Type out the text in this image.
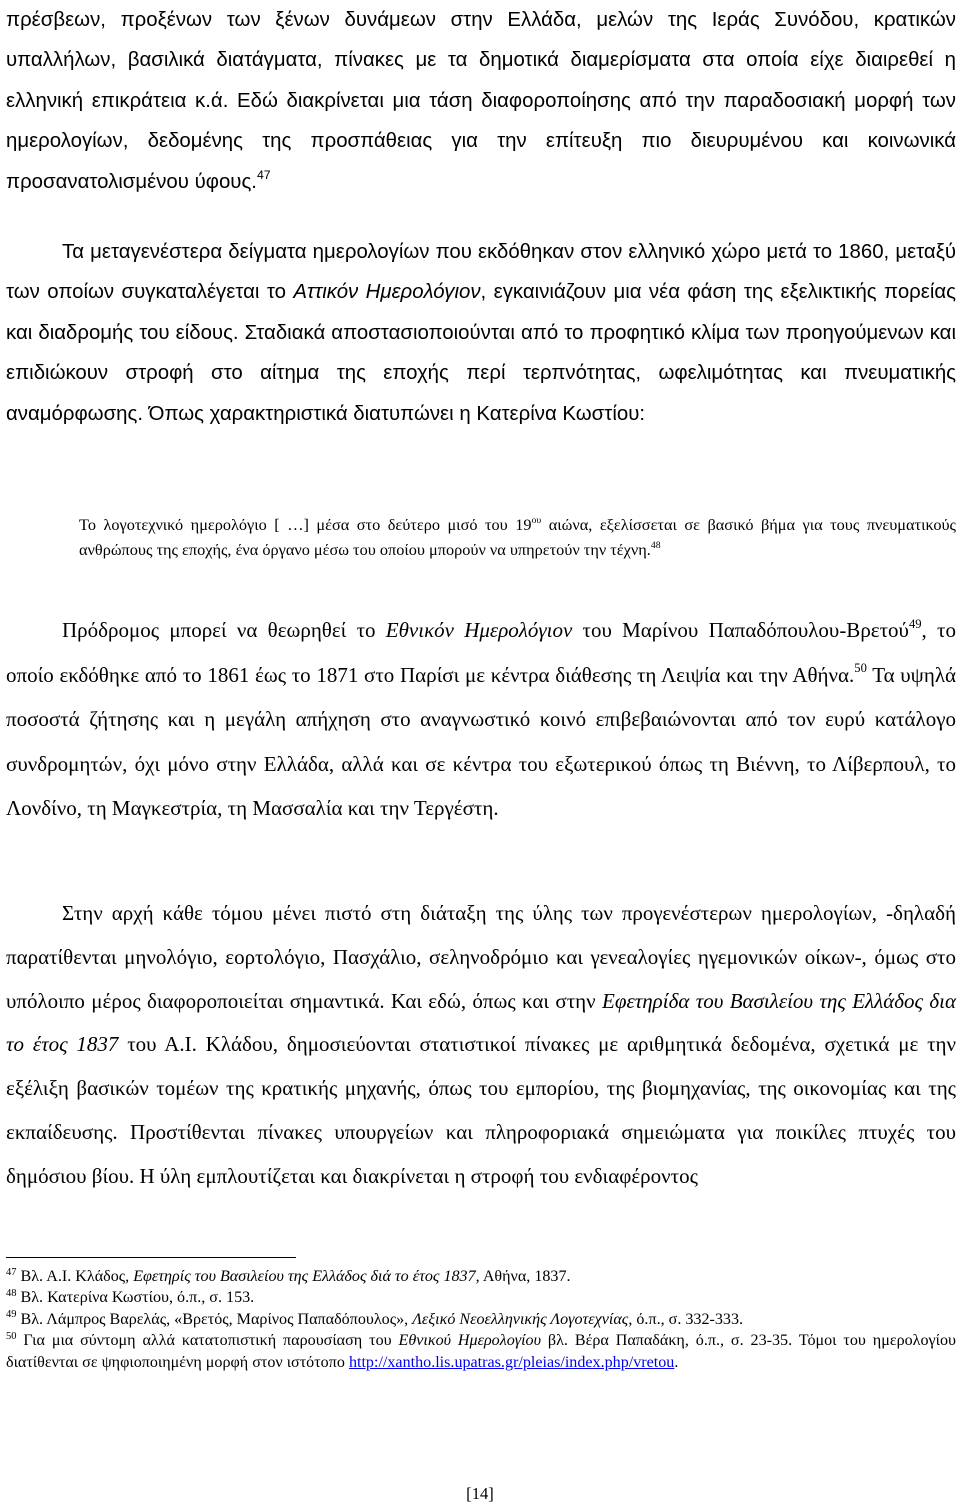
πρέσβεων, προξένων των ξένων δυνάμεων στην Ελλάδα, μελών της Ιεράς Συνόδου, κρατικών υπαλλήλων, βασιλικά διατάγματα, πίνακες με τα δημοτικά διαμερίσματα στα οποία είχε διαιρεθεί η ελληνική επικράτεια κ.ά. Εδώ διακρίνεται μια τάση διαφοροποίησης από την παραδοσιακή μορφή των ημερολογίων, δεδομένης της προσπάθειας για την επίτευξη πιο διευρυμένου και κοινωνικά προσανατολισμένου ύφους.$^{47}$

Τα μεταγενέστερα δείγματα ημερολογίων που εκδόθηκαν στον ελληνικό χώρο μετά το 1860, μεταξύ των οποίων συγκαταλέγεται το Αττικόν Ημερολόγιον, εγκαινιάζουν μια νέα φάση της εξελικτικής πορείας και διαδρομής του είδους. Σταδιακά αποστασιοποιούνται από το προφητικό κλίμα των προηγούμενων και επιδιώκουν στροφή στο αίτημα της εποχής περί τερπνότητας, ωφελιμότητας και πνευματικής αναμόρφωσης. Όπως χαρακτηριστικά διατυπώνει η Κατερίνα Κωστίου:

Το λογοτεχνικό ημερολόγιο [ …] μέσα στο δεύτερο μισό του $19^{o\upsilon}$ αιώνα, εξελίσσεται σε βασικό βήμα για τους πνευματικούς ανθρώπους της εποχής, ένα όργανο μέσω του οποίου μπορούν να υπηρετούν την τέχνη.$^{48}$

Πρόδρομος μπορεί να θεωρηθεί το Εθνικόν Ημερολόγιον του Μαρίνου Παπαδόπουλου-Βρετού$^{49}$, το οποίο εκδόθηκε από το 1861 έως το 1871 στο Παρίσι με κέντρα διάθεσης τη Λειψία και την Αθήνα.$^{50}$ Τα υψηλά ποσοστά ζήτησης και η μεγάλη απήχηση στο αναγνωστικό κοινό επιβεβαιώνονται από τον ευρύ κατάλογο συνδρομητών, όχι μόνο στην Ελλάδα, αλλά και σε κέντρα του εξωτερικού όπως τη Βιέννη, το Λίβερπουλ, το Λονδίνο, τη Μαγκεστρία, τη Μασσαλία και την Τεργέστη.

Στην αρχή κάθε τόμου μένει πιστό στη διάταξη της ύλης των προγενέστερων ημερολογίων, -δηλαδή παρατίθενται μηνολόγιο, εορτολόγιο, Πασχάλιο, σεληνοδρόμιο και γενεαλογίες ηγεμονικών οίκων-, όμως στο υπόλοιπο μέρος διαφοροποιείται σημαντικά. Και εδώ, όπως και στην Εφετηρίδα του Βασιλείου της Ελλάδος δια το έτος 1837 του Α.Ι. Κλάδου, δημοσιεύονται στατιστικοί πίνακες με αριθμητικά δεδομένα, σχετικά με την εξέλιξη βασικών τομέων της κρατικής μηχανής, όπως του εμπορίου, της βιομηχανίας, της οικονομίας και της εκπαίδευσης. Προστίθενται πίνακες υπουργείων και πληροφοριακά σημειώματα για ποικίλες πτυχές του δημόσιου βίου. Η ύλη εμπλουτίζεται και διακρίνεται η στροφή του ενδιαφέροντος

$^{47}$ Βλ. Α.Ι. Κλάδος, Εφετηρίς του Βασιλείου της Ελλάδος διά το έτος 1837, Αθήνα, 1837.

$^{48}$ Βλ. Κατερίνα Κωστίου, ό.π., σ. 153.

$^{49}$ Βλ. Λάμπρος Βαρελάς, «Βρετός, Μαρίνος Παπαδόπουλος», Λεξικό Νεοελληνικής Λογοτεχνίας, ό.π., σ. 332-333.

$^{50}$ Για μια σύντομη αλλά κατατοπιστική παρουσίαση του Εθνικού Ημερολογίου βλ. Βέρα Παπαδάκη, ό.π., σ. 23-35. Τόμοι του ημερολογίου διατίθενται σε ψηφιοποιημένη μορφή στον ιστότοπο http://xantho.lis.upatras.gr/pleias/index.php/vretou.

[14]
